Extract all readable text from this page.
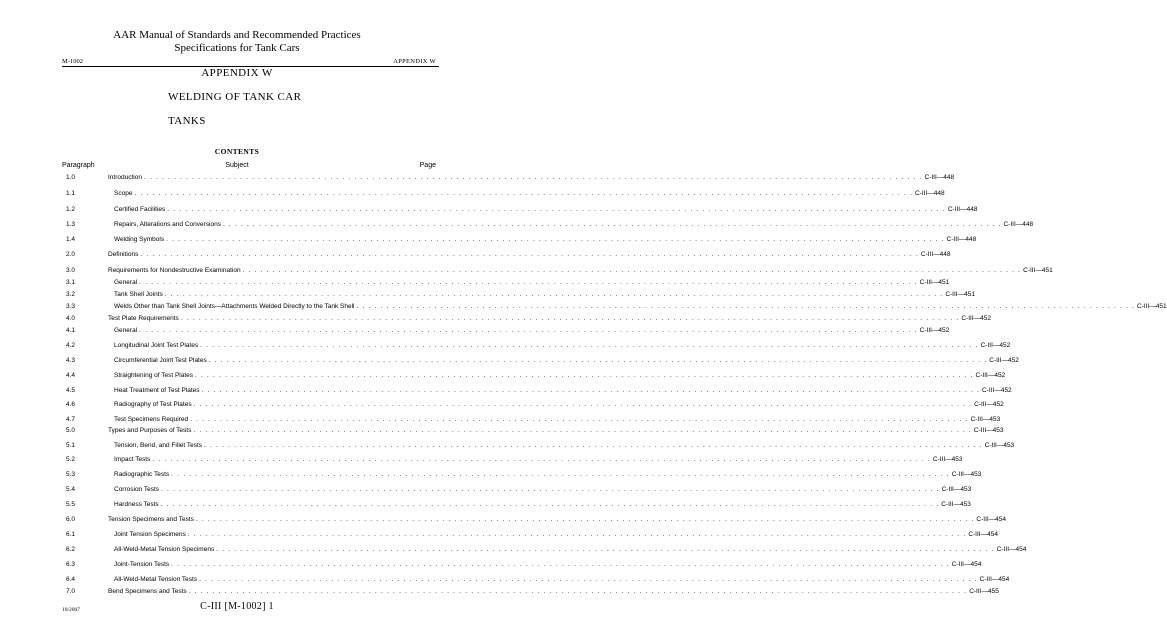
AAR Manual of Standards and Recommended Practices
Specifications for Tank Cars
M-1002	APPENDIX W
APPENDIX W
WELDING OF TANK CAR
TANKS
CONTENTS
Paragraph	Subject	Page
1.0	Introduction . . . . . . . . . . . . . . . . . . . . . . . . . . . . . . . . . . . . . . . . . . . . . . . . . . . . . . . . . . . . . . . . . . . . . . . . . . . . . . . . . . . . . . . . . . . . . . . . . . . . . . . . . . . . . . . . . . . . . . . . . . . . . . . . . . C-III—448
1.1	Scope . . . . . . . . . . . . . . . . . . . . . . . . . . . . . . . . . . . . . . . . . . . . . . . . . . . . . . . . . . . . . . . . . . . . . . . . . . . . . . . . . . . . . . . . . . . . . . . . . . . . . . . . . . . . . . . . . . . . . . . . . . . . . . . . . . C-III—448
1.2	Certified Facilities . . . . . . . . . . . . . . . . . . . . . . . . . . . . . . . . . . . . . . . . . . . . . . . . . . . . . . . . . . . . . . . . . . . . . . . . . . . . . . . . . . . . . . . . . . . . . . . . . . . . . . . . . . . . . . . . . . . . . . . . . . . . . . . . . . C-III—448
1.3	Repairs, Alterations and Conversions . . . . . . . . . . . . . . . . . . . . . . . . . . . . . . . . . . . . . . . . . . . . . . . . . . . . . . . . . . . . . . . . . . . . . . . . . . . . . . . . . . . . . . . . . . . . . . . . . . . . . . . . . . . . . . . . . . . . . . . . . . . . . . . . . . C-III—448
1.4	Welding Symbols . . . . . . . . . . . . . . . . . . . . . . . . . . . . . . . . . . . . . . . . . . . . . . . . . . . . . . . . . . . . . . . . . . . . . . . . . . . . . . . . . . . . . . . . . . . . . . . . . . . . . . . . . . . . . . . . . . . . . . . . . . . . . . . . . . C-III—448
2.0	Definitions . . . . . . . . . . . . . . . . . . . . . . . . . . . . . . . . . . . . . . . . . . . . . . . . . . . . . . . . . . . . . . . . . . . . . . . . . . . . . . . . . . . . . . . . . . . . . . . . . . . . . . . . . . . . . . . . . . . . . . . . . . . . . . . . . . C-III—448
3.0	Requirements for Nondestructive Examination . . . . . . . . . . . . . . . . . . . . . . . . . . . . . . . . . . . . . . . . . . . . . . . . . . . . . . . . . . . . . . . . . . . . . . . . . . . . . . . . . . . . . . . . . . . . . . . . . . . . . . . . . . . . . . . . . . . . . . . . . . . . . . . . . . C-III—451
3.1	General . . . . . . . . . . . . . . . . . . . . . . . . . . . . . . . . . . . . . . . . . . . . . . . . . . . . . . . . . . . . . . . . . . . . . . . . . . . . . . . . . . . . . . . . . . . . . . . . . . . . . . . . . . . . . . . . . . . . . . . . . . . . . . . . . . C-III—451
3.2	Tank Shell Joints . . . . . . . . . . . . . . . . . . . . . . . . . . . . . . . . . . . . . . . . . . . . . . . . . . . . . . . . . . . . . . . . . . . . . . . . . . . . . . . . . . . . . . . . . . . . . . . . . . . . . . . . . . . . . . . . . . . . . . . . . . . . . . . . . . C-III—451
3.3	Welds Other than Tank Shell Joints—Attachments Welded Directly to the Tank Shell . . . . . . . . . . . . . . . . . . . . . . . . . . . . . . . . . . . . . . . . . . . . . . . . . . . . . . . . . . . . . . . . . . . . . . . . . . . . . . . . . . . . . . . . . . . . . . . . . . . . . . . . . . . . . . . . . . . . . . . . . . . . . . . . . . C-III—451
4.0	Test Plate Requirements . . . . . . . . . . . . . . . . . . . . . . . . . . . . . . . . . . . . . . . . . . . . . . . . . . . . . . . . . . . . . . . . . . . . . . . . . . . . . . . . . . . . . . . . . . . . . . . . . . . . . . . . . . . . . . . . . . . . . . . . . . . . . . . . . . C-III—452
4.1	General . . . . . . . . . . . . . . . . . . . . . . . . . . . . . . . . . . . . . . . . . . . . . . . . . . . . . . . . . . . . . . . . . . . . . . . . . . . . . . . . . . . . . . . . . . . . . . . . . . . . . . . . . . . . . . . . . . . . . . . . . . . . . . . . . . C-III—452
4.2	Longitudinal Joint Test Plates . . . . . . . . . . . . . . . . . . . . . . . . . . . . . . . . . . . . . . . . . . . . . . . . . . . . . . . . . . . . . . . . . . . . . . . . . . . . . . . . . . . . . . . . . . . . . . . . . . . . . . . . . . . . . . . . . . . . . . . . . . . . . . . . . . C-III—452
4.3	Circumferential Joint Test Plates . . . . . . . . . . . . . . . . . . . . . . . . . . . . . . . . . . . . . . . . . . . . . . . . . . . . . . . . . . . . . . . . . . . . . . . . . . . . . . . . . . . . . . . . . . . . . . . . . . . . . . . . . . . . . . . . . . . . . . . . . . . . . . . . . . C-III—452
4.4	Straightening of Test Plates . . . . . . . . . . . . . . . . . . . . . . . . . . . . . . . . . . . . . . . . . . . . . . . . . . . . . . . . . . . . . . . . . . . . . . . . . . . . . . . . . . . . . . . . . . . . . . . . . . . . . . . . . . . . . . . . . . . . . . . . . . . . . . . . . . C-III—452
4.5	Heat Treatment of Test Plates . . . . . . . . . . . . . . . . . . . . . . . . . . . . . . . . . . . . . . . . . . . . . . . . . . . . . . . . . . . . . . . . . . . . . . . . . . . . . . . . . . . . . . . . . . . . . . . . . . . . . . . . . . . . . . . . . . . . . . . . . . . . . . . . . . C-III—452
4.6	Radiography of Test Plates . . . . . . . . . . . . . . . . . . . . . . . . . . . . . . . . . . . . . . . . . . . . . . . . . . . . . . . . . . . . . . . . . . . . . . . . . . . . . . . . . . . . . . . . . . . . . . . . . . . . . . . . . . . . . . . . . . . . . . . . . . . . . . . . . . C-III—452
4.7	Test Specimens Required . . . . . . . . . . . . . . . . . . . . . . . . . . . . . . . . . . . . . . . . . . . . . . . . . . . . . . . . . . . . . . . . . . . . . . . . . . . . . . . . . . . . . . . . . . . . . . . . . . . . . . . . . . . . . . . . . . . . . . . . . . . . . . . . . . C-III—453
5.0	Types and Purposes of Tests . . . . . . . . . . . . . . . . . . . . . . . . . . . . . . . . . . . . . . . . . . . . . . . . . . . . . . . . . . . . . . . . . . . . . . . . . . . . . . . . . . . . . . . . . . . . . . . . . . . . . . . . . . . . . . . . . . . . . . . . . . . . . . . . . . C-III—453
5.1	Tension, Bend, and Fillet Tests . . . . . . . . . . . . . . . . . . . . . . . . . . . . . . . . . . . . . . . . . . . . . . . . . . . . . . . . . . . . . . . . . . . . . . . . . . . . . . . . . . . . . . . . . . . . . . . . . . . . . . . . . . . . . . . . . . . . . . . . . . . . . . . . . . C-III—453
5.2	Impact Tests . . . . . . . . . . . . . . . . . . . . . . . . . . . . . . . . . . . . . . . . . . . . . . . . . . . . . . . . . . . . . . . . . . . . . . . . . . . . . . . . . . . . . . . . . . . . . . . . . . . . . . . . . . . . . . . . . . . . . . . . . . . . . . . . . . C-III—453
5.3	Radiographic Tests . . . . . . . . . . . . . . . . . . . . . . . . . . . . . . . . . . . . . . . . . . . . . . . . . . . . . . . . . . . . . . . . . . . . . . . . . . . . . . . . . . . . . . . . . . . . . . . . . . . . . . . . . . . . . . . . . . . . . . . . . . . . . . . . . . C-III—453
5.4	Corrosion Tests . . . . . . . . . . . . . . . . . . . . . . . . . . . . . . . . . . . . . . . . . . . . . . . . . . . . . . . . . . . . . . . . . . . . . . . . . . . . . . . . . . . . . . . . . . . . . . . . . . . . . . . . . . . . . . . . . . . . . . . . . . . . . . . . . . C-III—453
5.5	Hardness Tests . . . . . . . . . . . . . . . . . . . . . . . . . . . . . . . . . . . . . . . . . . . . . . . . . . . . . . . . . . . . . . . . . . . . . . . . . . . . . . . . . . . . . . . . . . . . . . . . . . . . . . . . . . . . . . . . . . . . . . . . . . . . . . . . . . C-III—453
6.0	Tension Specimens and Tests . . . . . . . . . . . . . . . . . . . . . . . . . . . . . . . . . . . . . . . . . . . . . . . . . . . . . . . . . . . . . . . . . . . . . . . . . . . . . . . . . . . . . . . . . . . . . . . . . . . . . . . . . . . . . . . . . . . . . . . . . . . . . . . . . . C-III—454
6.1	Joint Tension Specimens . . . . . . . . . . . . . . . . . . . . . . . . . . . . . . . . . . . . . . . . . . . . . . . . . . . . . . . . . . . . . . . . . . . . . . . . . . . . . . . . . . . . . . . . . . . . . . . . . . . . . . . . . . . . . . . . . . . . . . . . . . . . . . . . . . C-III—454
6.2	All-Weld-Metal Tension Specimens . . . . . . . . . . . . . . . . . . . . . . . . . . . . . . . . . . . . . . . . . . . . . . . . . . . . . . . . . . . . . . . . . . . . . . . . . . . . . . . . . . . . . . . . . . . . . . . . . . . . . . . . . . . . . . . . . . . . . . . . . . . . . . . . . . C-III—454
6.3	Joint-Tension Tests . . . . . . . . . . . . . . . . . . . . . . . . . . . . . . . . . . . . . . . . . . . . . . . . . . . . . . . . . . . . . . . . . . . . . . . . . . . . . . . . . . . . . . . . . . . . . . . . . . . . . . . . . . . . . . . . . . . . . . . . . . . . . . . . . . C-III—454
6.4	All-Weld-Metal Tension Tests . . . . . . . . . . . . . . . . . . . . . . . . . . . . . . . . . . . . . . . . . . . . . . . . . . . . . . . . . . . . . . . . . . . . . . . . . . . . . . . . . . . . . . . . . . . . . . . . . . . . . . . . . . . . . . . . . . . . . . . . . . . . . . . . . . C-III—454
7.0	Bend Specimens and Tests . . . . . . . . . . . . . . . . . . . . . . . . . . . . . . . . . . . . . . . . . . . . . . . . . . . . . . . . . . . . . . . . . . . . . . . . . . . . . . . . . . . . . . . . . . . . . . . . . . . . . . . . . . . . . . . . . . . . . . . . . . . . . . . . . . C-III—455
10/2007	C-III [M-1002] 1
